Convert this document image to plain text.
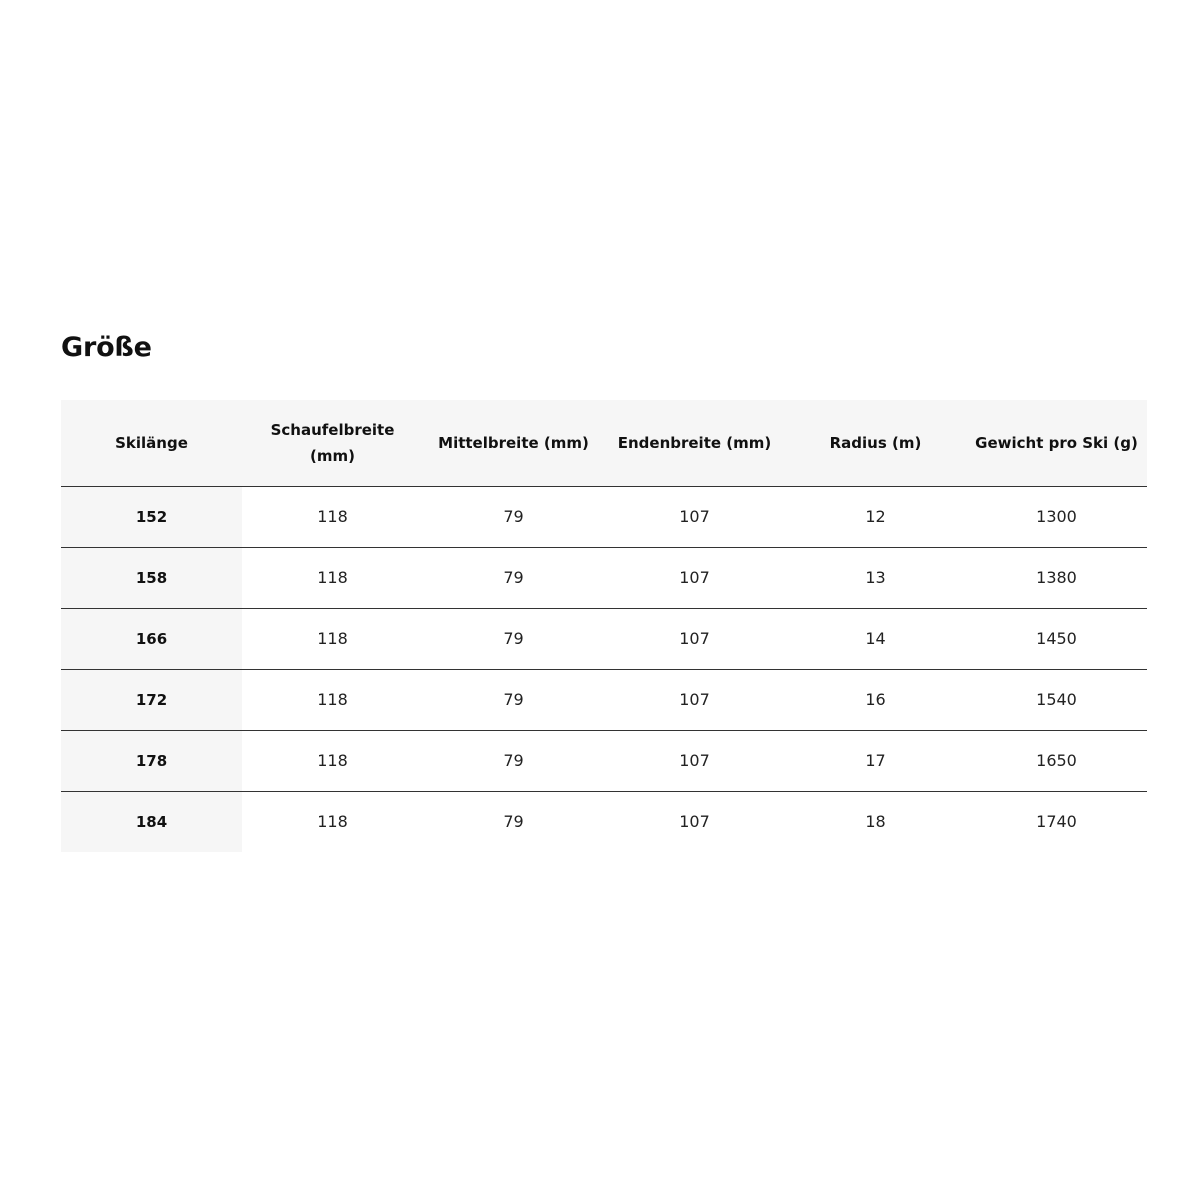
Größe
Skilänge	Schaufelbreite (mm)	Mittelbreite (mm)	Endenbreite (mm)	Radius (m)	Gewicht pro Ski (g)
152	118	79	107	12	1300
158	118	79	107	13	1380
166	118	79	107	14	1450
172	118	79	107	16	1540
178	118	79	107	17	1650
184	118	79	107	18	1740
